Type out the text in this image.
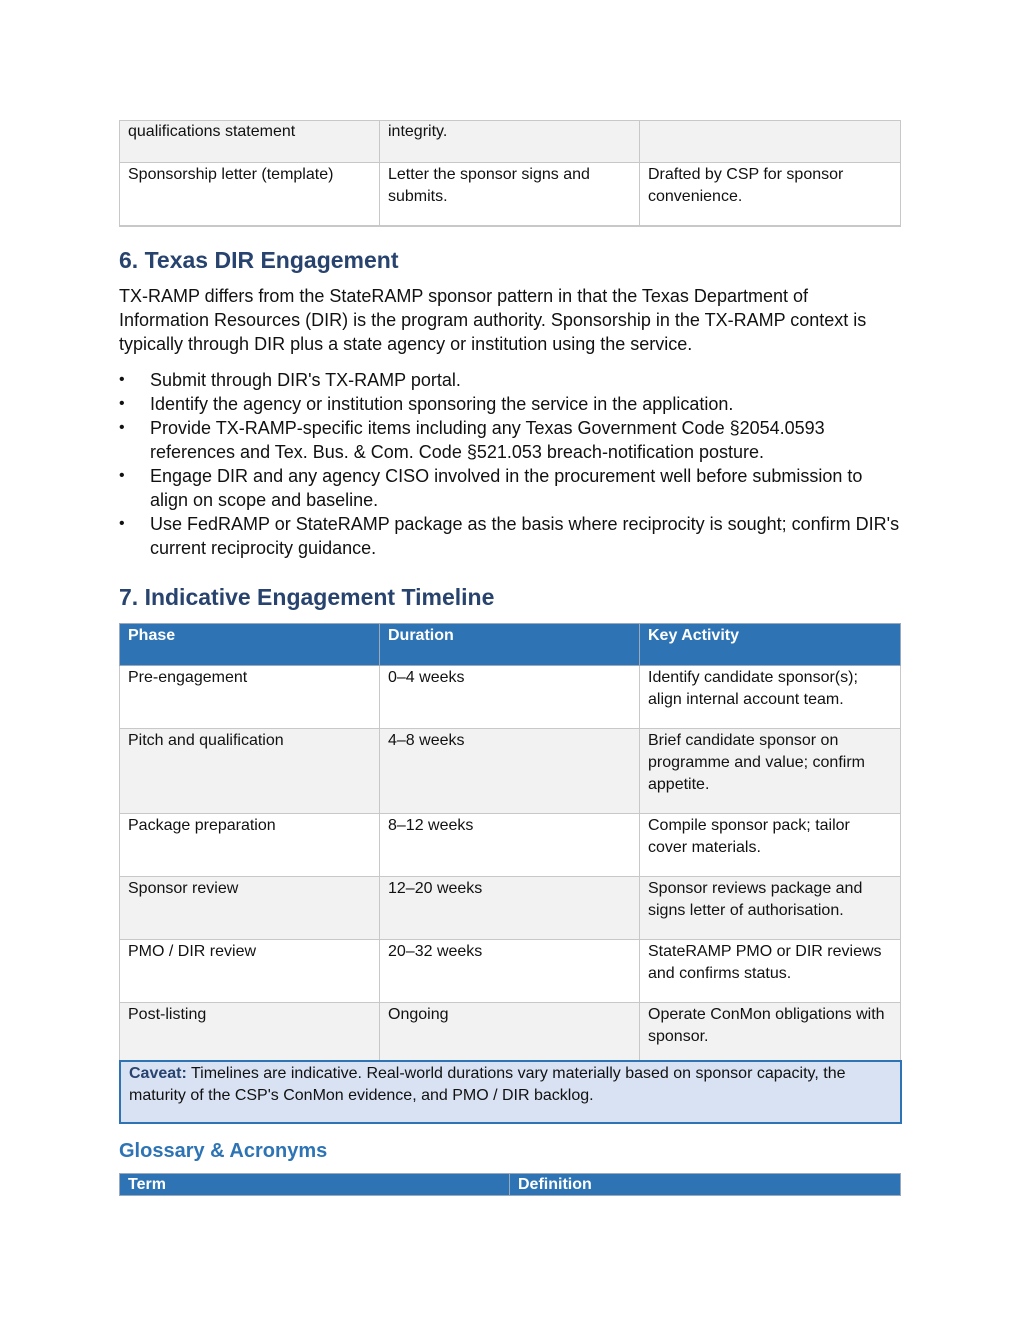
qualifications statement	integrity.	
Sponsorship letter (template)	Letter the sponsor signs and submits.	Drafted by CSP for sponsor convenience.
6. Texas DIR Engagement

TX-RAMP differs from the StateRAMP sponsor pattern in that the Texas Department of Information Resources (DIR) is the program authority. Sponsorship in the TX-RAMP context is typically through DIR plus a state agency or institution using the service.

• Submit through DIR's TX-RAMP portal.
• Identify the agency or institution sponsoring the service in the application.
• Provide TX-RAMP-specific items including any Texas Government Code §2054.0593 references and Tex. Bus. & Com. Code §521.053 breach-notification posture.
• Engage DIR and any agency CISO involved in the procurement well before submission to align on scope and baseline.
• Use FedRAMP or StateRAMP package as the basis where reciprocity is sought; confirm DIR's current reciprocity guidance.
7. Indicative Engagement Timeline
Phase	Duration	Key Activity
Pre-engagement	0–4 weeks	Identify candidate sponsor(s); align internal account team.
Pitch and qualification	4–8 weeks	Brief candidate sponsor on programme and value; confirm appetite.
Package preparation	8–12 weeks	Compile sponsor pack; tailor cover materials.
Sponsor review	12–20 weeks	Sponsor reviews package and signs letter of authorisation.
PMO / DIR review	20–32 weeks	StateRAMP PMO or DIR reviews and confirms status.
Post-listing	Ongoing	Operate ConMon obligations with sponsor.
Caveat: Timelines are indicative. Real-world durations vary materially based on sponsor capacity, the maturity of the CSP's ConMon evidence, and PMO / DIR backlog.
Glossary & Acronyms
Term	Definition
